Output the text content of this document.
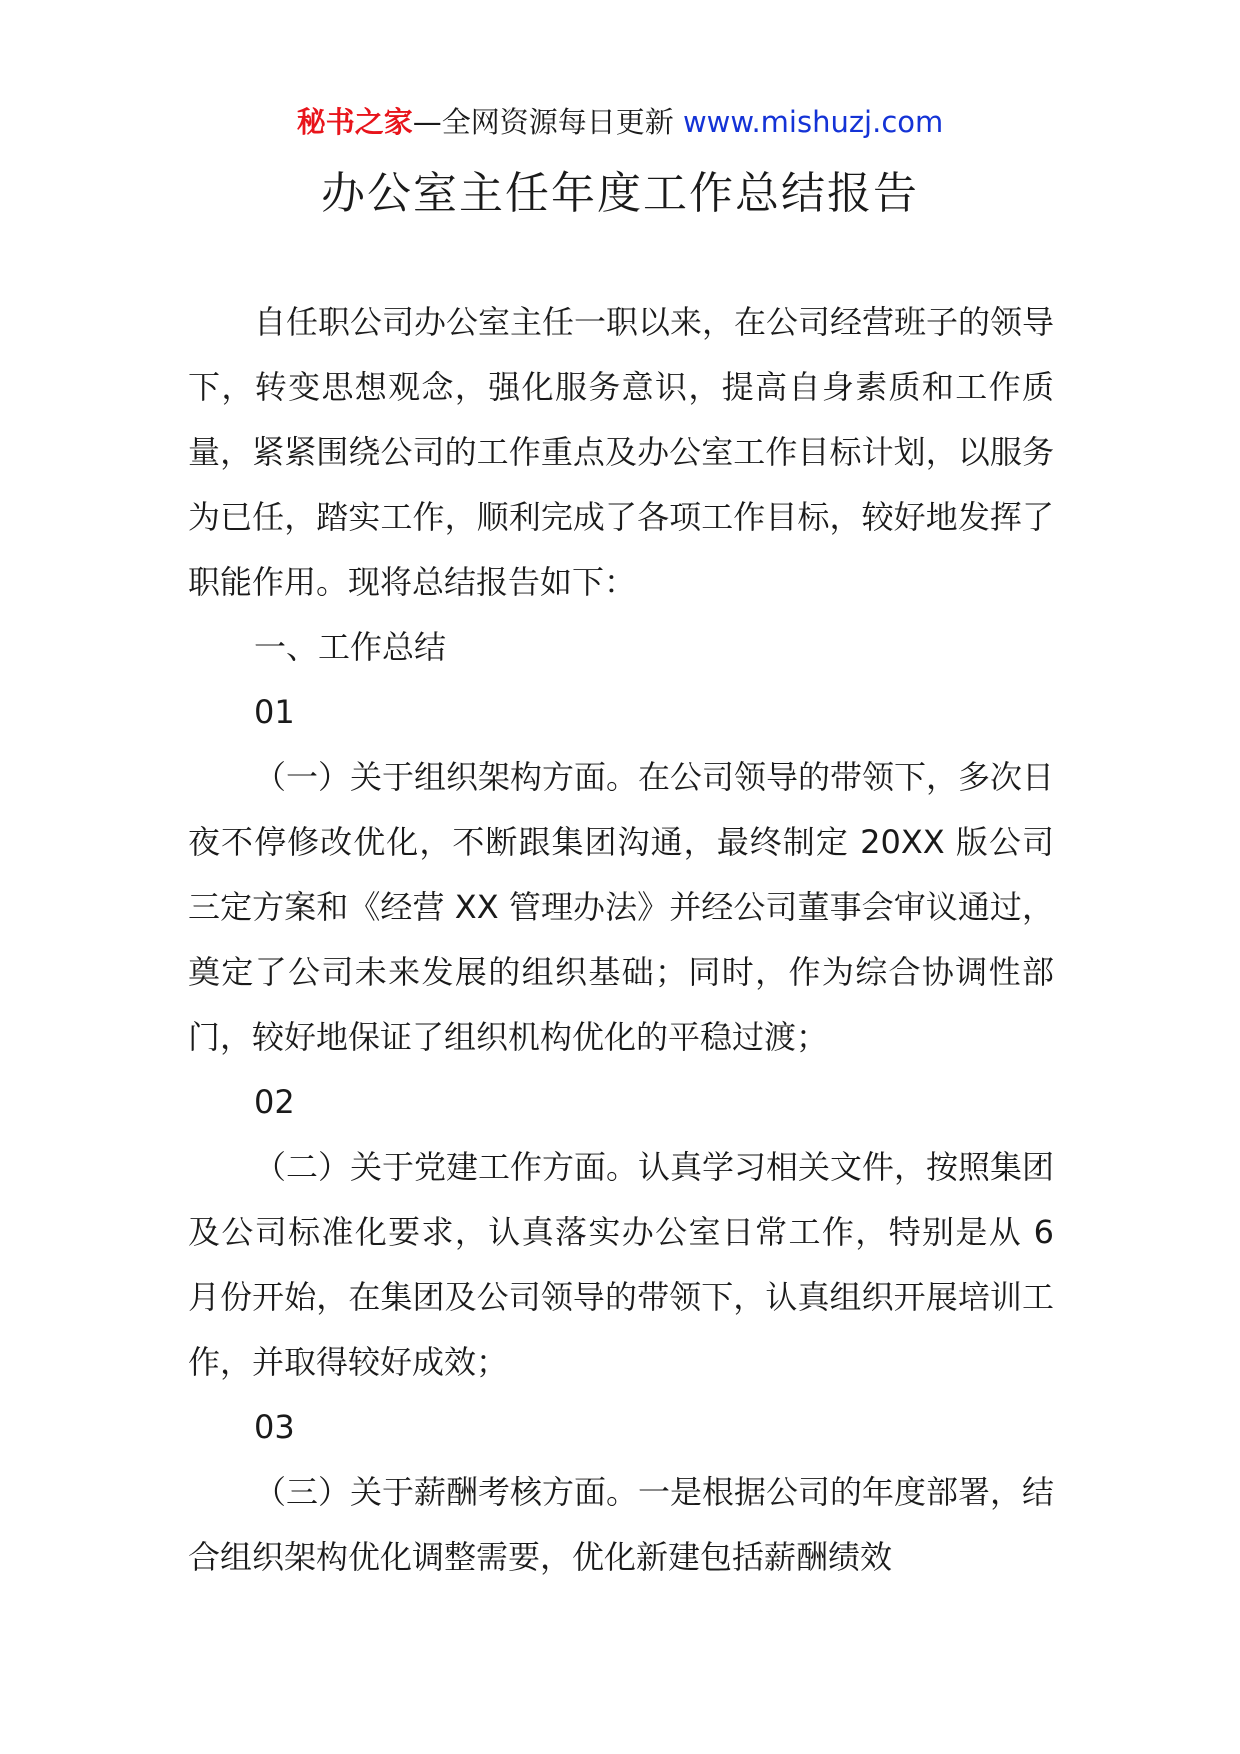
秘书之家—全网资源每日更新 www.mishuzj.com
办公室主任年度工作总结报告

自任职公司办公室主任一职以来，在公司经营班子的领导下，转变思想观念，强化服务意识，提高自身素质和工作质量，紧紧围绕公司的工作重点及办公室工作目标计划，以服务为已任，踏实工作，顺利完成了各项工作目标，较好地发挥了职能作用。现将总结报告如下：

一、工作总结

01

（一）关于组织架构方面。在公司领导的带领下，多次日夜不停修改优化，不断跟集团沟通，最终制定 20XX 版公司三定方案和《经营 XX 管理办法》并经公司董事会审议通过，奠定了公司未来发展的组织基础；同时，作为综合协调性部门，较好地保证了组织机构优化的平稳过渡；

02

（二）关于党建工作方面。认真学习相关文件，按照集团及公司标准化要求，认真落实办公室日常工作，特别是从 6 月份开始，在集团及公司领导的带领下，认真组织开展培训工作，并取得较好成效；

03

（三）关于薪酬考核方面。一是根据公司的年度部署，结合组织架构优化调整需要，优化新建包括薪酬绩效
